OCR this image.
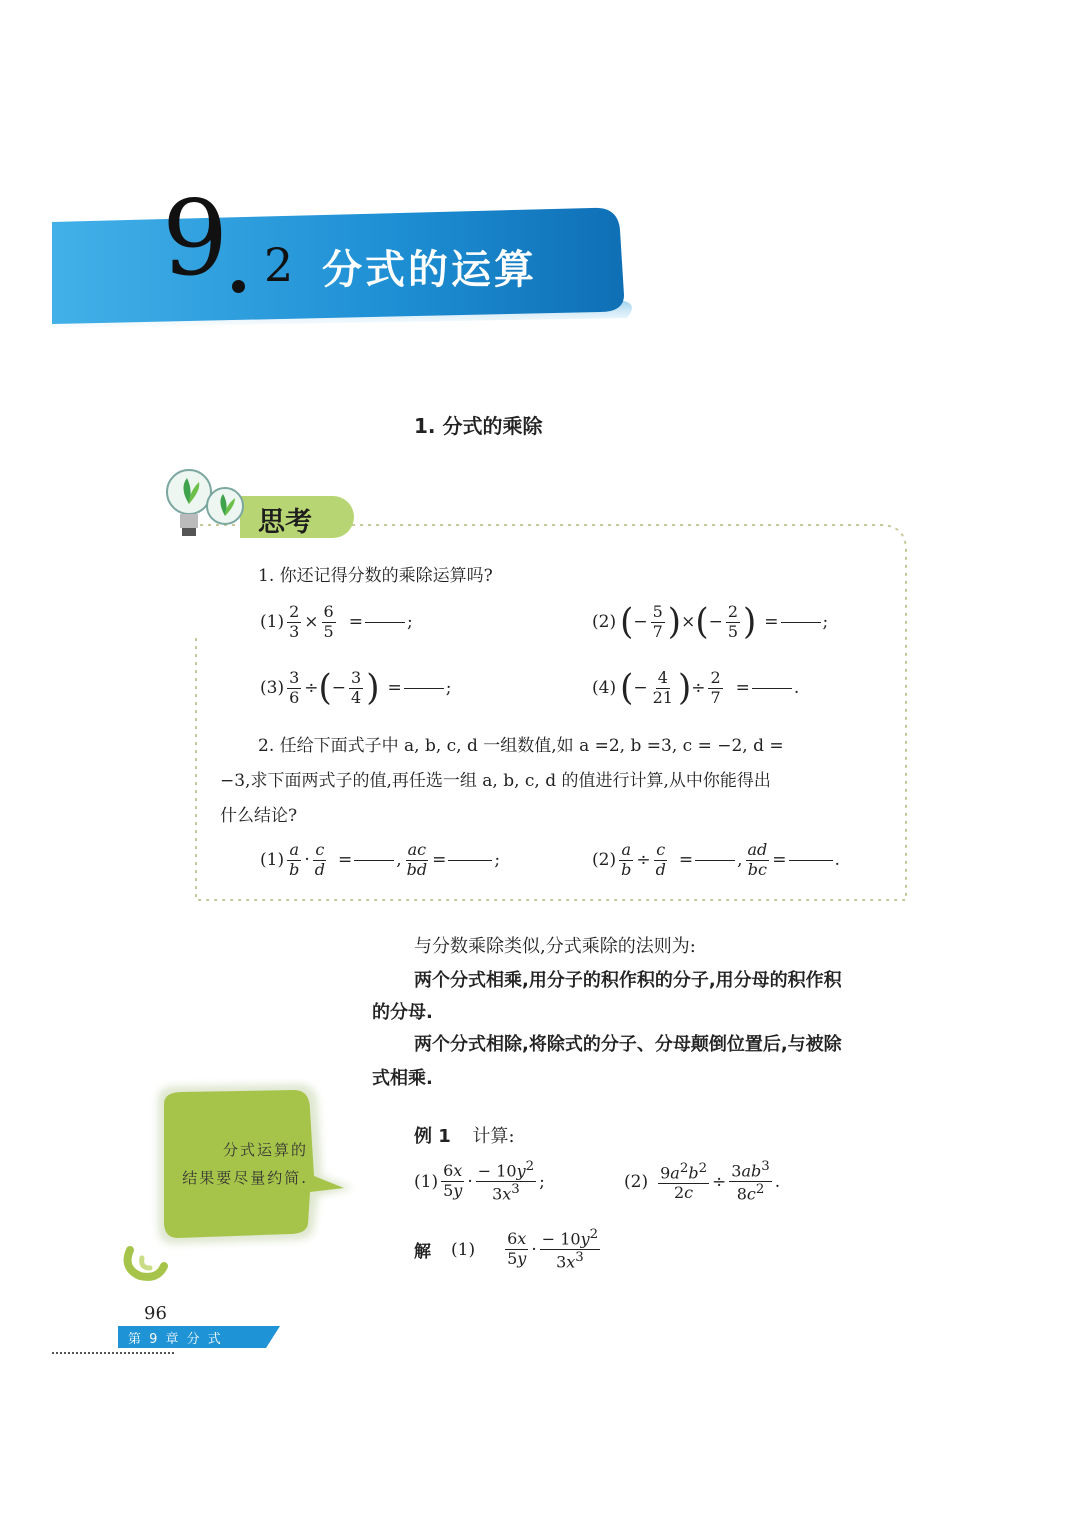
9 2 分式的运算
1. 分式的乘除
思考
1. 你还记得分数的乘除运算吗?
$(1) \frac{2}{3} \times \frac{6}{5}$ =	;	(2) ( − $\frac{5}{7}$ ) × ( − $\frac{2}{5}$ ) =	;
$(3) \frac{3}{6}$ ÷ ( − $\frac{3}{4}$ ) =	;	(4) ( − $\frac{4}{21}$ ) ÷ $\frac{2}{7}$ =	.
2. 任给下面式子中 a, b, c, d 一组数值,如 a =2, b =3, c = −2, d =
−3,求下面两式子的值,再任选一组 a, b, c, d 的值进行计算,从中你能得出
什么结论?
$(1) \frac{a}{b} \cdot \frac{c}{d}$ =	, $\frac{ac}{bd}$ =	;	$(2) \frac{a}{b} \div \frac{c}{d}$ =	, $\frac{ad}{bc}$ =	.
与分数乘除类似,分式乘除的法则为:
两个分式相乘,用分子的积作积的分子,用分母的积作积
的分母.
两个分式相除,将除式的分子、分母颠倒位置后,与被除
式相乘.
分式运算的
结果要尽量约简.
例 1 计算:
$(1) \frac{6x}{5y} \cdot \frac{- 10y^2}{3x^3}$ ;	$(2) \frac{9a^2b^2}{2c} \div \frac{3ab^3}{8c^2}$ .
解 $(1) \frac{6x}{5y} \cdot \frac{- 10y^2}{3x^3}$
96
第 9 章 分 式
